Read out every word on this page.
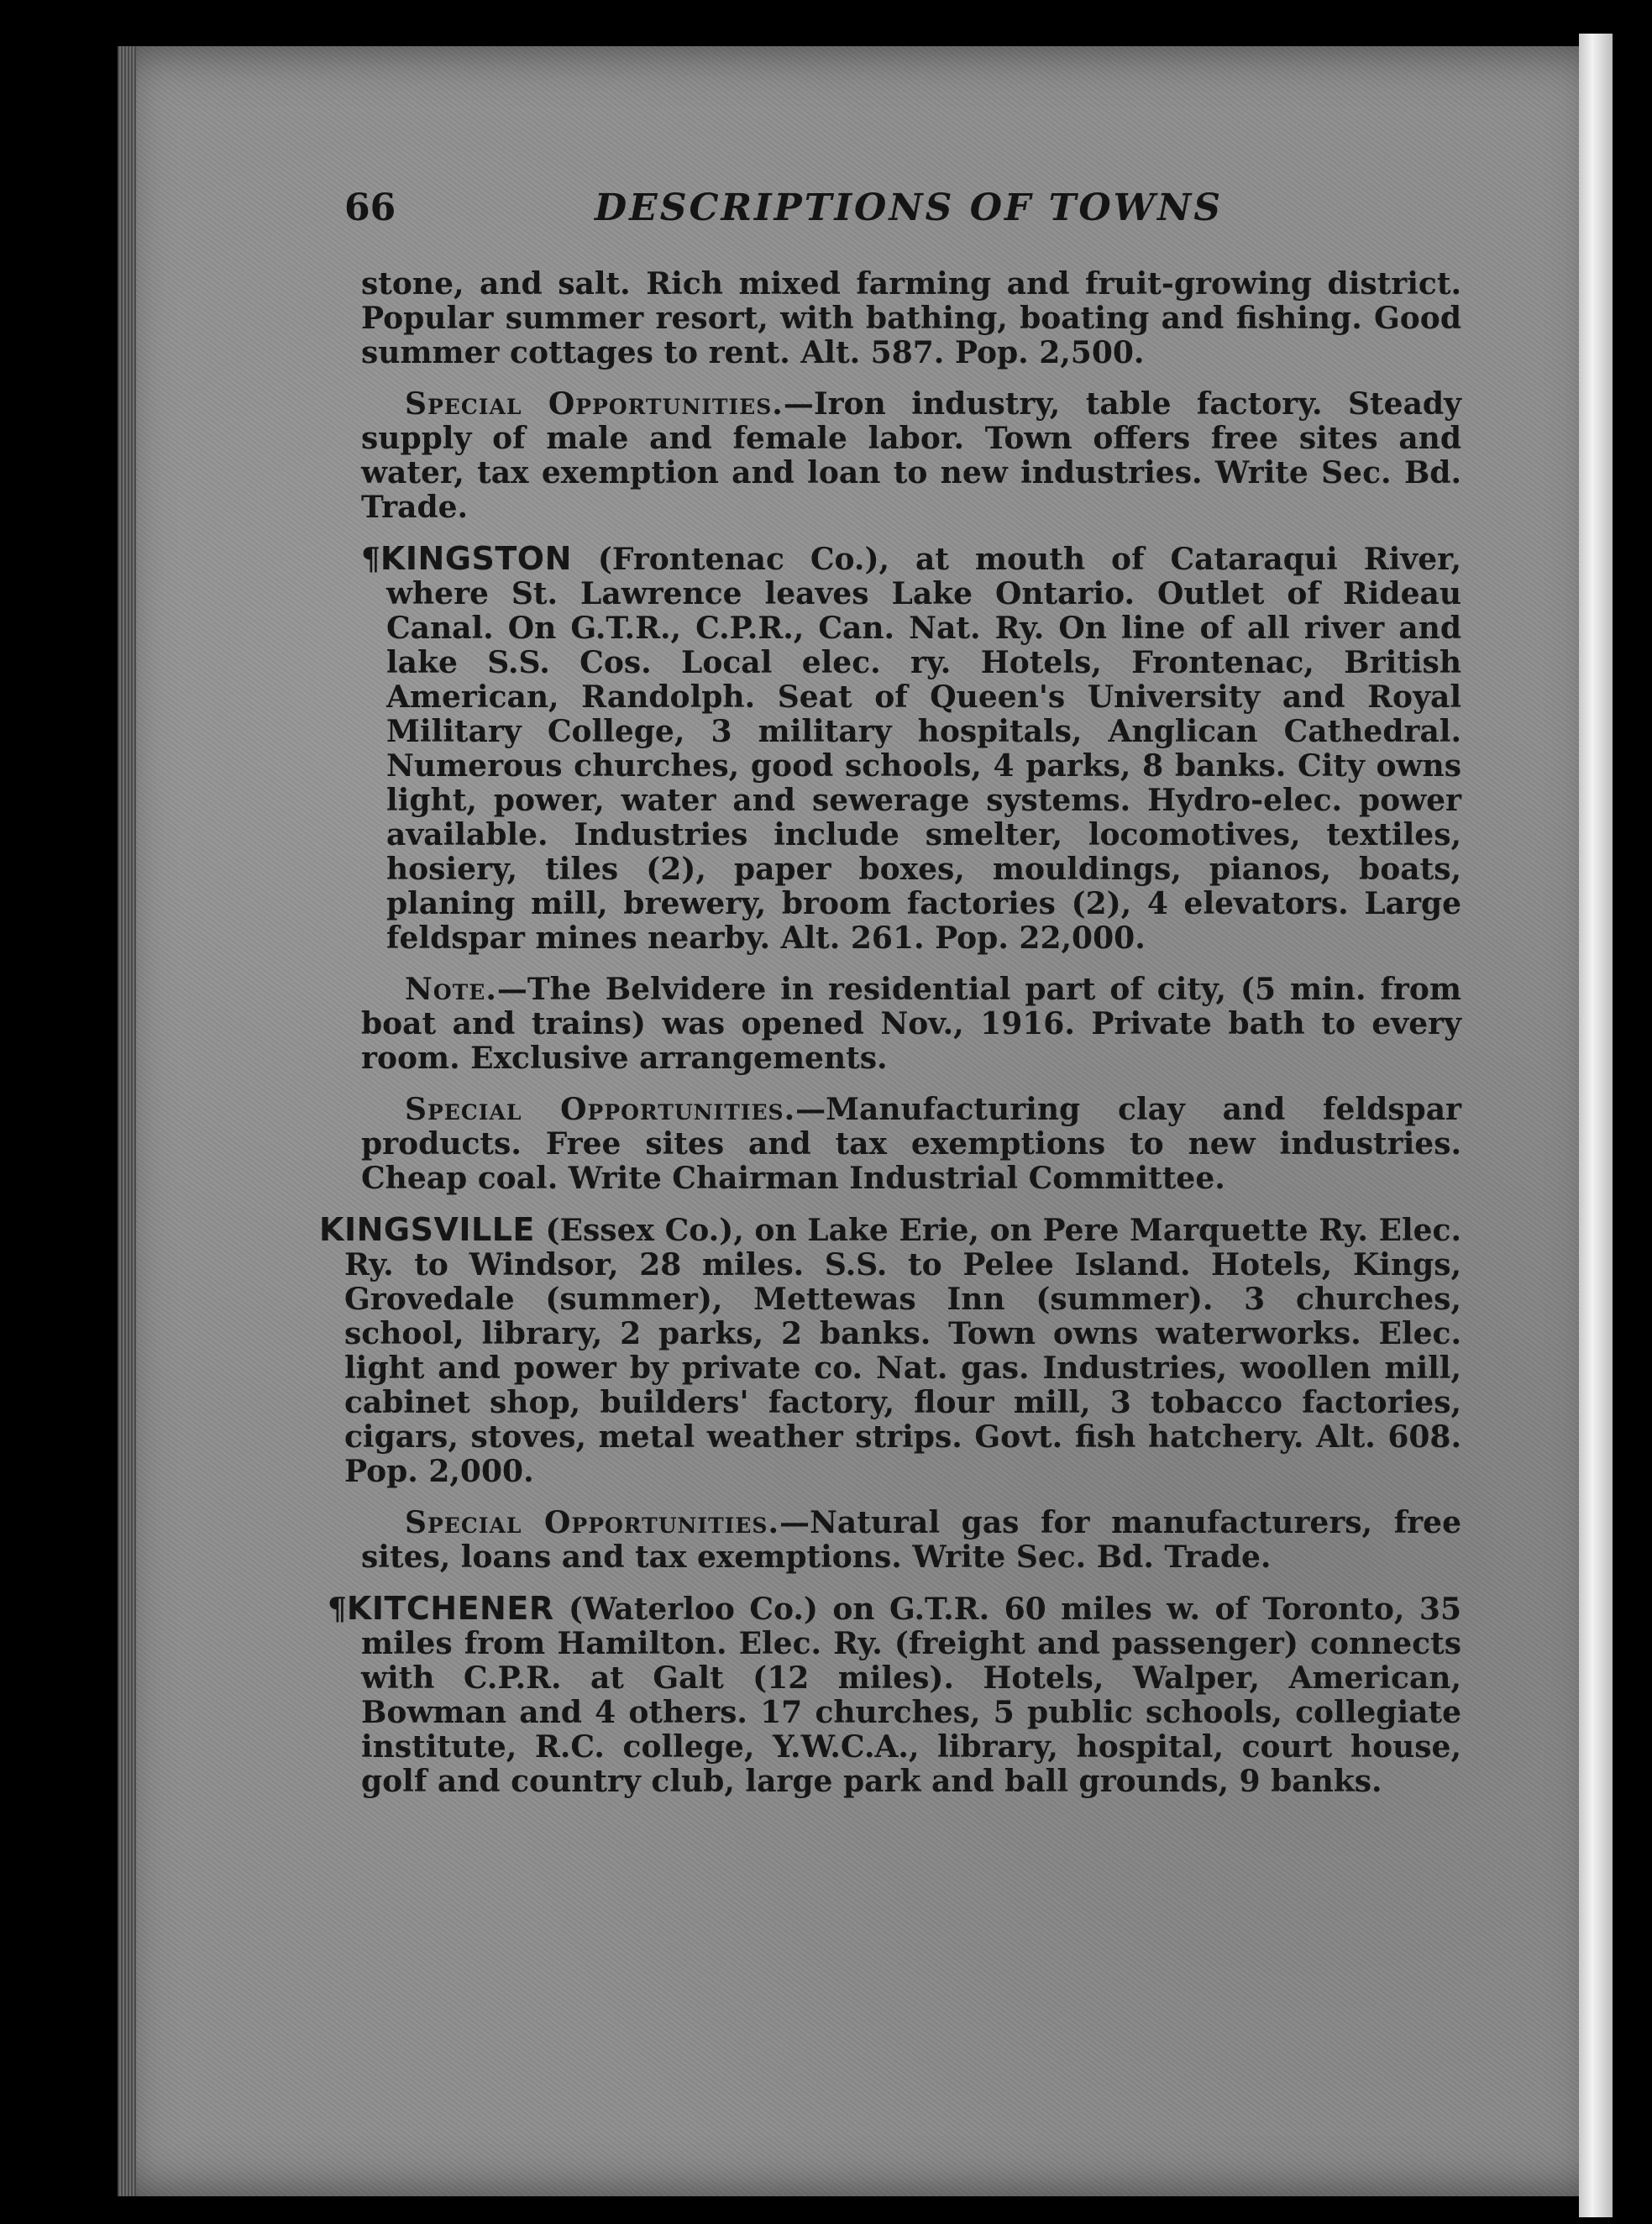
66	DESCRIPTIONS OF TOWNS

stone, and salt. Rich mixed farming and fruit-growing district. Popular summer resort, with bathing, boating and fishing. Good summer cottages to rent. Alt. 587. Pop. 2,500.

Special Opportunities.—Iron industry, table factory. Steady supply of male and female labor. Town offers free sites and water, tax exemption and loan to new industries. Write Sec. Bd. Trade.

¶KINGSTON (Frontenac Co.), at mouth of Cataraqui River, where St. Lawrence leaves Lake Ontario. Outlet of Rideau Canal. On G.T.R., C.P.R., Can. Nat. Ry. On line of all river and lake S.S. Cos. Local elec. ry. Hotels, Frontenac, British American, Randolph. Seat of Queen's University and Royal Military College, 3 military hospitals, Anglican Cathedral. Numerous churches, good schools, 4 parks, 8 banks. City owns light, power, water and sewerage systems. Hydro-elec. power available. Industries include smelter, locomotives, textiles, hosiery, tiles (2), paper boxes, mouldings, pianos, boats, planing mill, brewery, broom factories (2), 4 elevators. Large feldspar mines nearby. Alt. 261. Pop. 22,000.

Note.—The Belvidere in residential part of city, (5 min. from boat and trains) was opened Nov., 1916. Private bath to every room. Exclusive arrangements.

Special Opportunities.—Manufacturing clay and feldspar products. Free sites and tax exemptions to new industries. Cheap coal. Write Chairman Industrial Committee.

KINGSVILLE (Essex Co.), on Lake Erie, on Pere Marquette Ry. Elec. Ry. to Windsor, 28 miles. S.S. to Pelee Island. Hotels, Kings, Grovedale (summer), Mettewas Inn (summer). 3 churches, school, library, 2 parks, 2 banks. Town owns waterworks. Elec. light and power by private co. Nat. gas. Industries, woollen mill, cabinet shop, builders' factory, flour mill, 3 tobacco factories, cigars, stoves, metal weather strips. Govt. fish hatchery. Alt. 608. Pop. 2,000.

Special Opportunities.—Natural gas for manufacturers, free sites, loans and tax exemptions. Write Sec. Bd. Trade.

¶KITCHENER (Waterloo Co.) on G.T.R. 60 miles w. of Toronto, 35 miles from Hamilton. Elec. Ry. (freight and passenger) connects with C.P.R. at Galt (12 miles). Hotels, Walper, American, Bowman and 4 others. 17 churches, 5 public schools, collegiate institute, R.C. college, Y.W.C.A., library, hospital, court house, golf and country club, large park and ball grounds, 9 banks.
